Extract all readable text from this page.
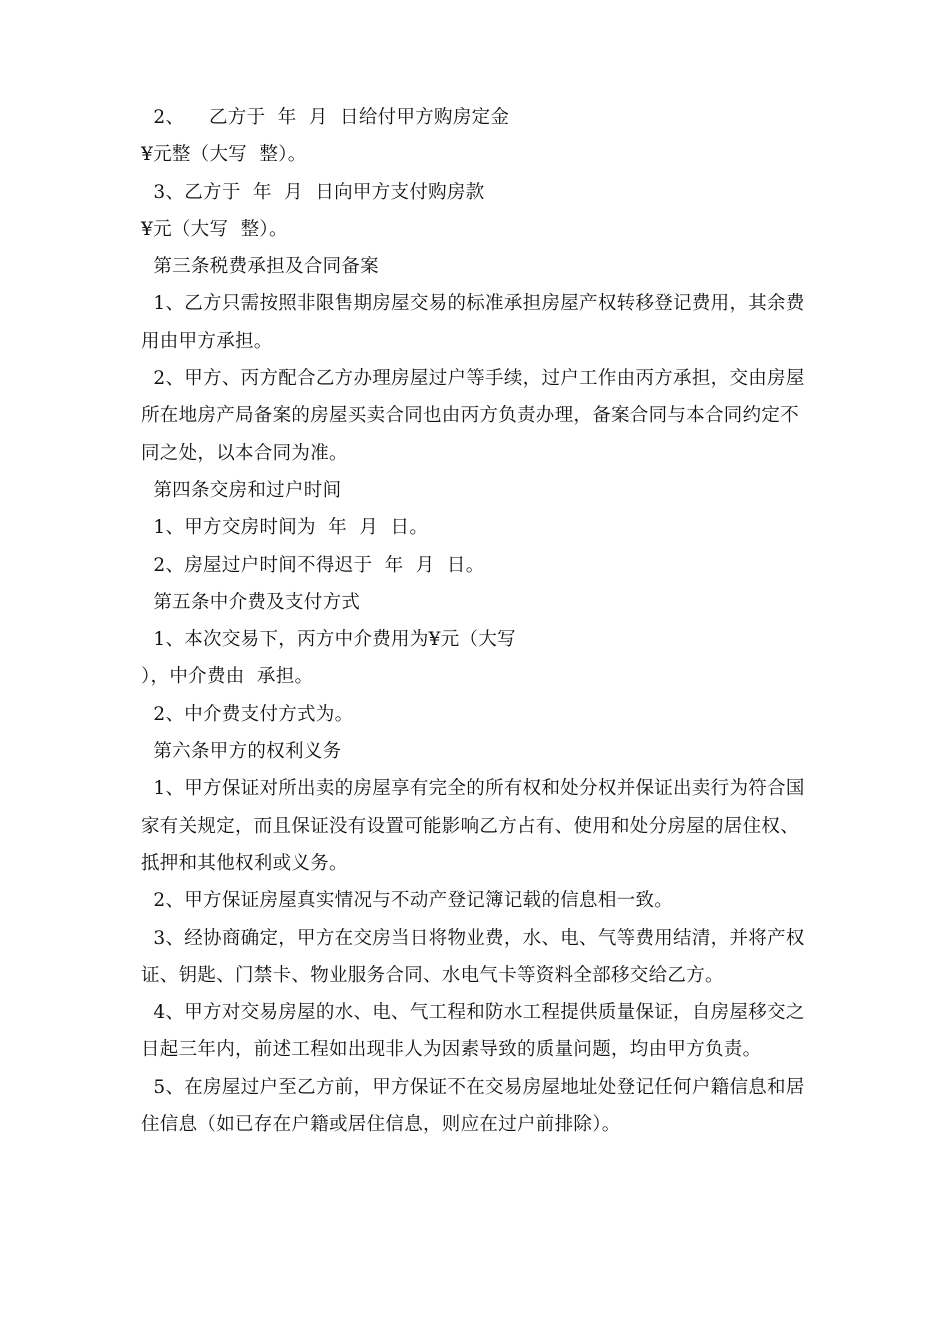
2、    乙方于  年  月  日给付甲方购房定金

¥元整（大写  整）。

3、乙方于  年  月  日向甲方支付购房款

¥元（大写  整）。

第三条税费承担及合同备案

1、乙方只需按照非限售期房屋交易的标准承担房屋产权转移登记费用，其余费用由甲方承担。

2、甲方、丙方配合乙方办理房屋过户等手续，过户工作由丙方承担，交由房屋所在地房产局备案的房屋买卖合同也由丙方负责办理，备案合同与本合同约定不同之处，以本合同为准。

第四条交房和过户时间

1、甲方交房时间为  年  月  日。

2、房屋过户时间不得迟于  年  月  日。

第五条中介费及支付方式

1、本次交易下，丙方中介费用为¥元（大写

），中介费由  承担。

2、中介费支付方式为。

第六条甲方的权利义务

1、甲方保证对所出卖的房屋享有完全的所有权和处分权并保证出卖行为符合国家有关规定，而且保证没有设置可能影响乙方占有、使用和处分房屋的居住权、抵押和其他权利或义务。

2、甲方保证房屋真实情况与不动产登记簿记载的信息相一致。

3、经协商确定，甲方在交房当日将物业费，水、电、气等费用结清，并将产权证、钥匙、门禁卡、物业服务合同、水电气卡等资料全部移交给乙方。

4、甲方对交易房屋的水、电、气工程和防水工程提供质量保证，自房屋移交之日起三年内，前述工程如出现非人为因素导致的质量问题，均由甲方负责。

5、在房屋过户至乙方前，甲方保证不在交易房屋地址处登记任何户籍信息和居住信息（如已存在户籍或居住信息，则应在过户前排除）。
